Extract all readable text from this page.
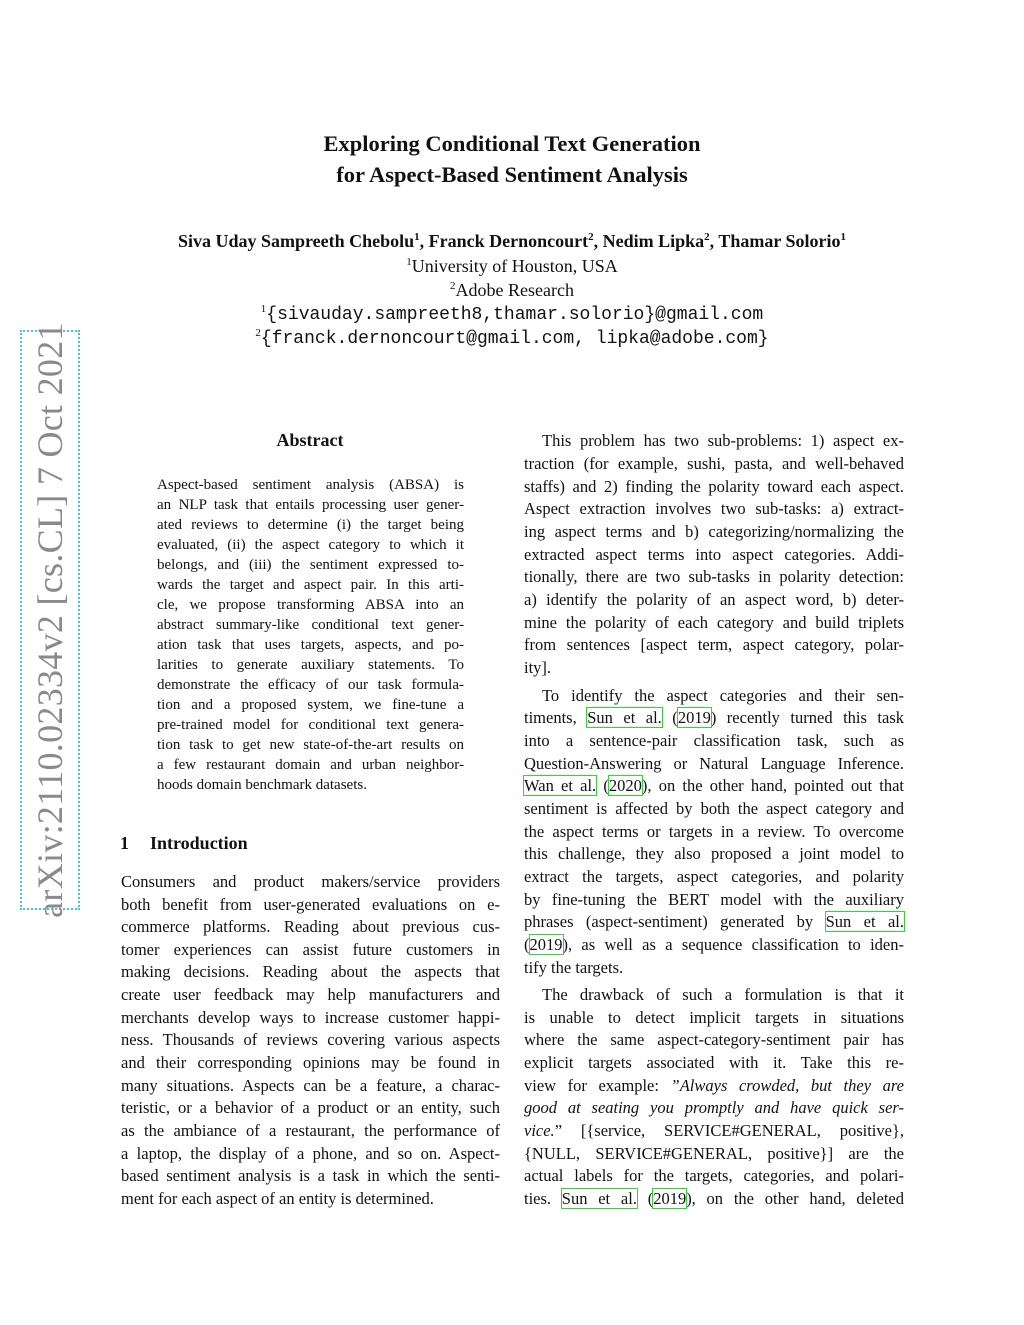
arXiv:2110.02334v2 [cs.CL] 7 Oct 2021
Exploring Conditional Text Generation
for Aspect-Based Sentiment Analysis
Siva Uday Sampreeth Chebolu$^1$, Franck Dernoncourt$^2$, Nedim Lipka$^2$, Thamar Solorio$^1$
$^1$University of Houston, USA
$^2$Adobe Research
$^1${sivauday.sampreeth8,thamar.solorio}@gmail.com
$^2${franck.dernoncourt@gmail.com, lipka@adobe.com}
Abstract
Aspect-based sentiment analysis (ABSA) is
an NLP task that entails processing user gener-
ated reviews to determine (i) the target being
evaluated, (ii) the aspect category to which it
belongs, and (iii) the sentiment expressed to-
wards the target and aspect pair. In this arti-
cle, we propose transforming ABSA into an
abstract summary-like conditional text gener-
ation task that uses targets, aspects, and po-
larities to generate auxiliary statements. To
demonstrate the efficacy of our task formula-
tion and a proposed system, we fine-tune a
pre-trained model for conditional text genera-
tion task to get new state-of-the-art results on
a few restaurant domain and urban neighbor-
hoods domain benchmark datasets.
1 Introduction
Consumers and product makers/service providers
both benefit from user-generated evaluations on e-
commerce platforms. Reading about previous cus-
tomer experiences can assist future customers in
making decisions. Reading about the aspects that
create user feedback may help manufacturers and
merchants develop ways to increase customer happi-
ness. Thousands of reviews covering various aspects
and their corresponding opinions may be found in
many situations. Aspects can be a feature, a charac-
teristic, or a behavior of a product or an entity, such
as the ambiance of a restaurant, the performance of
a laptop, the display of a phone, and so on. Aspect-
based sentiment analysis is a task in which the senti-
ment for each aspect of an entity is determined.
This problem has two sub-problems: 1) aspect ex-
traction (for example, sushi, pasta, and well-behaved
staffs) and 2) finding the polarity toward each aspect.
Aspect extraction involves two sub-tasks: a) extract-
ing aspect terms and b) categorizing/normalizing the
extracted aspect terms into aspect categories. Addi-
tionally, there are two sub-tasks in polarity detection:
a) identify the polarity of an aspect word, b) deter-
mine the polarity of each category and build triplets
from sentences [aspect term, aspect category, polar-
ity].
To identify the aspect categories and their sen-
timents, Sun et al. (2019) recently turned this task
into a sentence-pair classification task, such as
Question-Answering or Natural Language Inference.
Wan et al. (2020), on the other hand, pointed out that
sentiment is affected by both the aspect category and
the aspect terms or targets in a review. To overcome
this challenge, they also proposed a joint model to
extract the targets, aspect categories, and polarity
by fine-tuning the BERT model with the auxiliary
phrases (aspect-sentiment) generated by Sun et al.
(2019), as well as a sequence classification to iden-
tify the targets.
The drawback of such a formulation is that it
is unable to detect implicit targets in situations
where the same aspect-category-sentiment pair has
explicit targets associated with it. Take this re-
view for example: ”Always crowded, but they are
good at seating you promptly and have quick ser-
vice.” [{service, SERVICE#GENERAL, positive},
{NULL, SERVICE#GENERAL, positive}] are the
actual labels for the targets, categories, and polari-
ties. Sun et al. (2019), on the other hand, deleted
